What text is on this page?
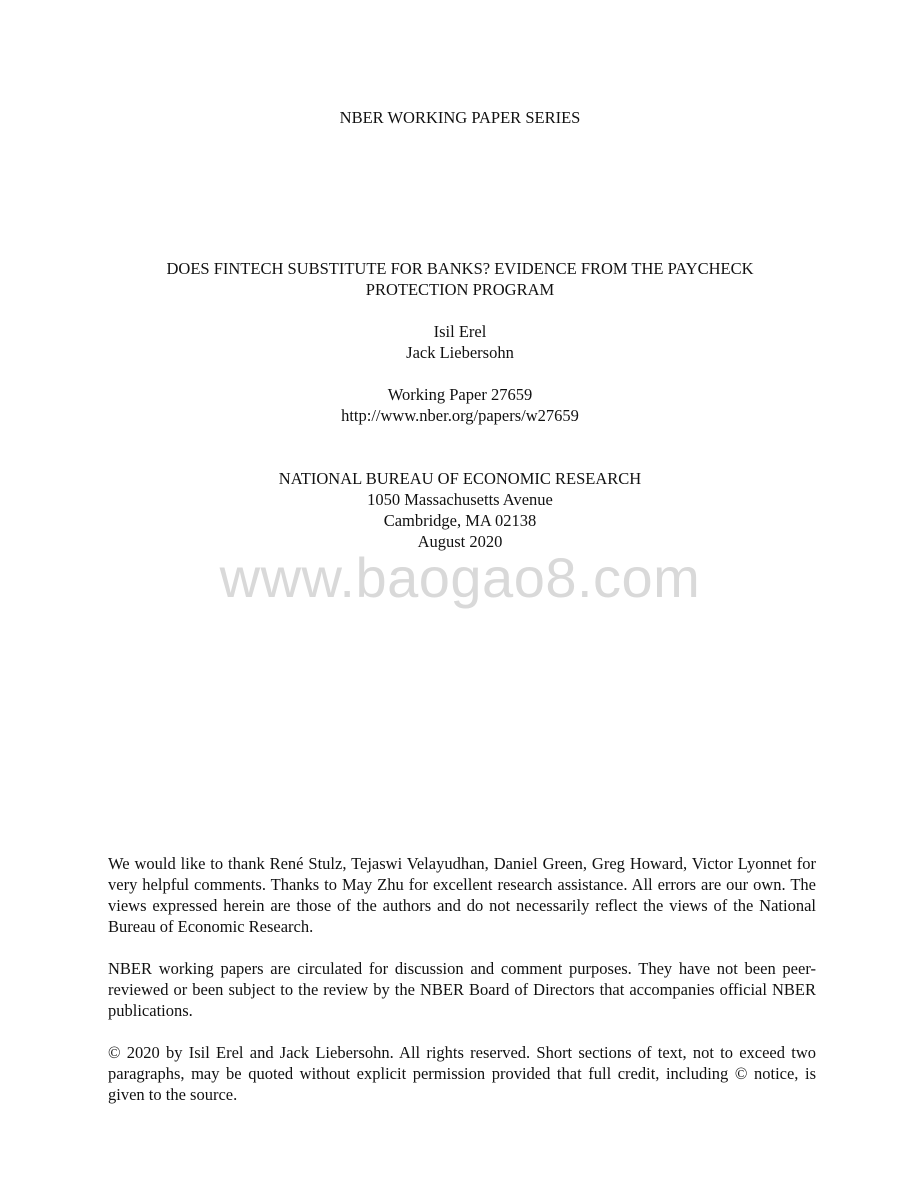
NBER WORKING PAPER SERIES
DOES FINTECH SUBSTITUTE FOR BANKS? EVIDENCE FROM THE PAYCHECK
PROTECTION PROGRAM
Isil Erel
Jack Liebersohn
Working Paper 27659
http://www.nber.org/papers/w27659
NATIONAL BUREAU OF ECONOMIC RESEARCH
1050 Massachusetts Avenue
Cambridge, MA 02138
August 2020
www.baogao8.com
We would like to thank René Stulz, Tejaswi Velayudhan, Daniel Green, Greg Howard, Victor Lyonnet for very helpful comments. Thanks to May Zhu for excellent research assistance. All errors are our own. The views expressed herein are those of the authors and do not necessarily reflect the views of the National Bureau of Economic Research.
NBER working papers are circulated for discussion and comment purposes. They have not been peer-reviewed or been subject to the review by the NBER Board of Directors that accompanies official NBER publications.
© 2020 by Isil Erel and Jack Liebersohn. All rights reserved. Short sections of text, not to exceed two paragraphs, may be quoted without explicit permission provided that full credit, including © notice, is given to the source.
